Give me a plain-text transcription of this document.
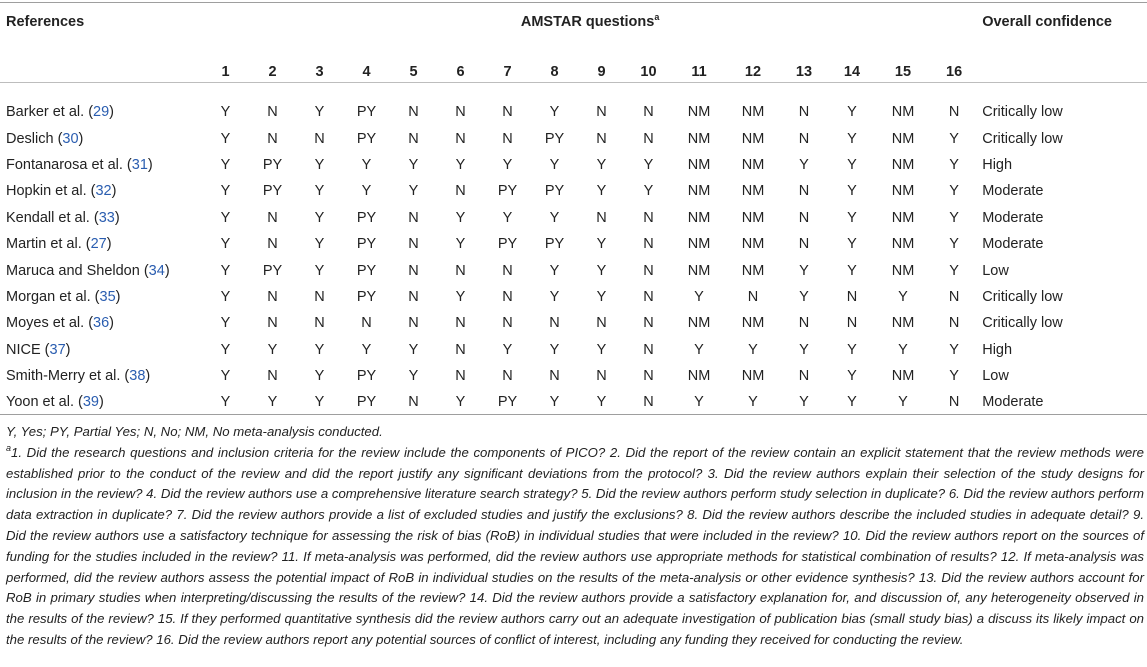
References	AMSTAR questions$^a$																Overall confidence
	1	2	3	4	5	6	7	8	9	10	11	12	13	14	15	16	

Barker et al. (29)	Y	N	Y	PY	N	N	N	Y	N	N	NM	NM	N	Y	NM	N	Critically low
Deslich (30)	Y	N	N	PY	N	N	N	PY	N	N	NM	NM	N	Y	NM	Y	Critically low
Fontanarosa et al. (31)	Y	PY	Y	Y	Y	Y	Y	Y	Y	Y	NM	NM	Y	Y	NM	Y	High
Hopkin et al. (32)	Y	PY	Y	Y	Y	N	PY	PY	Y	Y	NM	NM	N	Y	NM	Y	Moderate
Kendall et al. (33)	Y	N	Y	PY	N	Y	Y	Y	N	N	NM	NM	N	Y	NM	Y	Moderate
Martin et al. (27)	Y	N	Y	PY	N	Y	PY	PY	Y	N	NM	NM	N	Y	NM	Y	Moderate
Maruca and Sheldon (34)	Y	PY	Y	PY	N	N	N	Y	Y	N	NM	NM	Y	Y	NM	Y	Low
Morgan et al. (35)	Y	N	N	PY	N	Y	N	Y	Y	N	Y	N	Y	N	Y	N	Critically low
Moyes et al. (36)	Y	N	N	N	N	N	N	N	N	N	NM	NM	N	N	NM	N	Critically low
NICE (37)	Y	Y	Y	Y	Y	N	Y	Y	Y	N	Y	Y	Y	Y	Y	Y	High
Smith-Merry et al. (38)	Y	N	Y	PY	Y	N	N	N	N	N	NM	NM	N	Y	NM	Y	Low
Yoon et al. (39)	Y	Y	Y	PY	N	Y	PY	Y	Y	N	Y	Y	Y	Y	Y	N	Moderate

Y, Yes; PY, Partial Yes; N, No; NM, No meta-analysis conducted.

$^a$1. Did the research questions and inclusion criteria for the review include the components of PICO? 2. Did the report of the review contain an explicit statement that the review methods were established prior to the conduct of the review and did the report justify any significant deviations from the protocol? 3. Did the review authors explain their selection of the study designs for inclusion in the review? 4. Did the review authors use a comprehensive literature search strategy? 5. Did the review authors perform study selection in duplicate? 6. Did the review authors perform data extraction in duplicate? 7. Did the review authors provide a list of excluded studies and justify the exclusions? 8. Did the review authors describe the included studies in adequate detail? 9. Did the review authors use a satisfactory technique for assessing the risk of bias (RoB) in individual studies that were included in the review? 10. Did the review authors report on the sources of funding for the studies included in the review? 11. If meta-analysis was performed, did the review authors use appropriate methods for statistical combination of results? 12. If meta-analysis was performed, did the review authors assess the potential impact of RoB in individual studies on the results of the meta-analysis or other evidence synthesis? 13. Did the review authors account for RoB in primary studies when interpreting/discussing the results of the review? 14. Did the review authors provide a satisfactory explanation for, and discussion of, any heterogeneity observed in the results of the review? 15. If they performed quantitative synthesis did the review authors carry out an adequate investigation of publication bias (small study bias) a discuss its likely impact on the results of the review? 16. Did the review authors report any potential sources of conflict of interest, including any funding they received for conducting the review.
